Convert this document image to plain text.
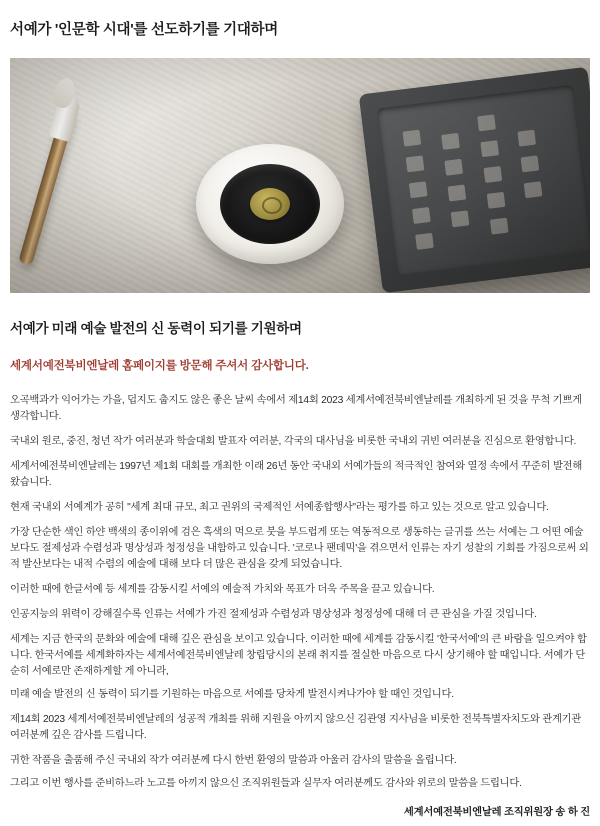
서예가 '인문학 시대'를 선도하기를 기대하며
서예가 미래 예술 발전의 신 동력이 되기를 기원하며

세계서예전북비엔날레 홈페이지를 방문해 주셔서 감사합니다.

오곡백과가 익어가는 가을, 덥지도 춥지도 않은 좋은 날씨 속에서 제14회 2023 세계서예전북비엔날레를 개최하게 된 것을 무척 기쁘게 생각합니다.

국내외 원로, 중진, 청년 작가 여러분과 학술대회 발표자 여러분, 각국의 대사님을 비롯한 국내외 귀빈 여러분을 진심으로 환영합니다.

세계서예전북비엔날레는 1997년 제1회 대회를 개최한 이래 26년 동안 국내외 서예가들의 적극적인 참여와 열정 속에서 꾸준히 발전해 왔습니다.

현재 국내외 서예계가 공히 "세계 최대 규모, 최고 권위의 국제적인 서예종합행사"라는 평가를 하고 있는 것으로 알고 있습니다.

가장 단순한 색인 하얀 백색의 종이위에 검은 흑색의 먹으로 붓을 부드럽게 또는 역동적으로 생동하는 글귀를 쓰는 서예는 그 어떤 예술보다도 절제성과 수렴성과 명상성과 청정성을 내함하고 있습니다. '코로나 팬데믹'을 겪으면서 인류는 자기 성찰의 기회를 가짐으로써 외적 발산보다는 내적 수렴의 예술에 대해 보다 더 많은 관심을 갖게 되었습니다.

이러한 때에 한글서예 등 세계를 감동시킬 서예의 예술적 가치와 목표가 더욱 주목을 끌고 있습니다.

인공지능의 위력이 강해질수록 인류는 서예가 가진 절제성과 수렴성과 명상성과 청정성에 대해 더 큰 관심을 가질 것입니다.

세계는 지금 한국의 문화와 예술에 대해 깊은 관심을 보이고 있습니다. 이러한 때에 세계를 감동시킬 '한국서예'의 큰 바람을 일으켜야 합니다. 한국서예를 세계화하자는 세계서예전북비엔날레 창립당시의 본래 취지를 절실한 마음으로 다시 상기해야 할 때입니다. 서예가 단순히 서예로만 존재하게할 게 아니라,

미래 예술 발전의 신 동력이 되기를 기원하는 마음으로 서예를 당차게 발전시켜나가야 할 때인 것입니다.

제14회 2023 세계서예전북비엔날레의 성공적 개최를 위해 지원을 아끼지 않으신 김관영 지사님을 비롯한 전북특별자치도와 관계기관 여러분께 깊은 감사를 드립니다.

귀한 작품을 출품해 주신 국내외 작가 여러분께 다시 한번 환영의 말씀과 아울러 감사의 말씀을 올립니다.

그리고 이번 행사를 준비하느라 노고를 아끼지 않으신 조직위원들과 실무자 여러분께도 감사와 위로의 말씀을 드립니다.

세계서예전북비엔날레 조직위원장 송 하 진
